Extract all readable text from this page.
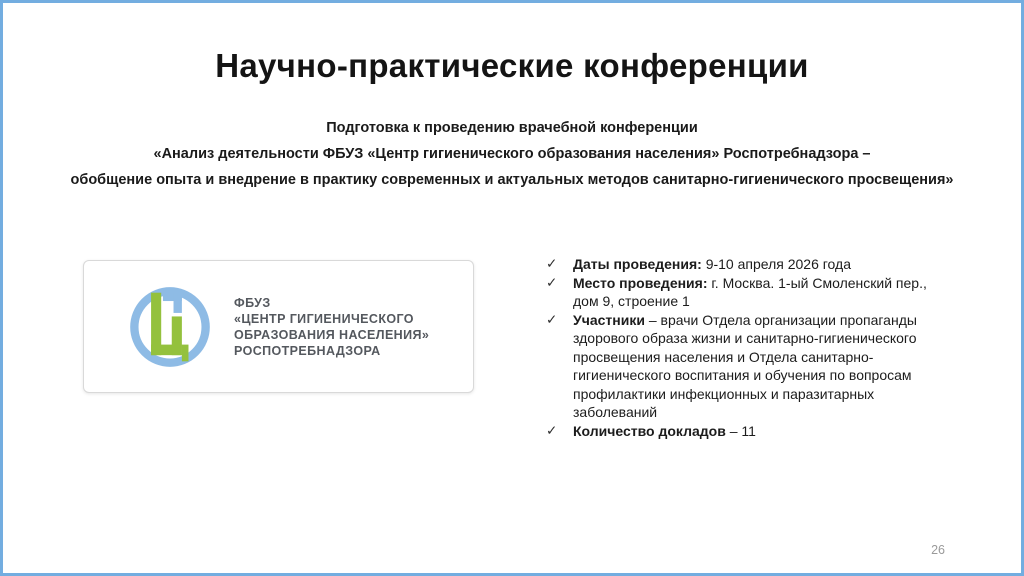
Научно-практические конференции
Подготовка к проведению врачебной конференции
«Анализ деятельности ФБУЗ «Центр гигиенического образования населения» Роспотребнадзора –
обобщение опыта и внедрение в практику современных и актуальных методов санитарно-гигиенического просвещения»
ФБУЗ
«ЦЕНТР ГИГИЕНИЧЕСКОГО
ОБРАЗОВАНИЯ НАСЕЛЕНИЯ»
РОСПОТРЕБНАДЗОРА
✓	Даты проведения: 9-10 апреля 2026 года
✓	Место проведения: г. Москва. 1-ый Смоленский пер., дом 9, строение 1
✓	Участники – врачи Отдела организации пропаганды здорового образа жизни и санитарно-гигиенического просвещения населения и Отдела санитарно-гигиенического воспитания и обучения по вопросам профилактики инфекционных и паразитарных заболеваний
✓	Количество докладов – 11
26
